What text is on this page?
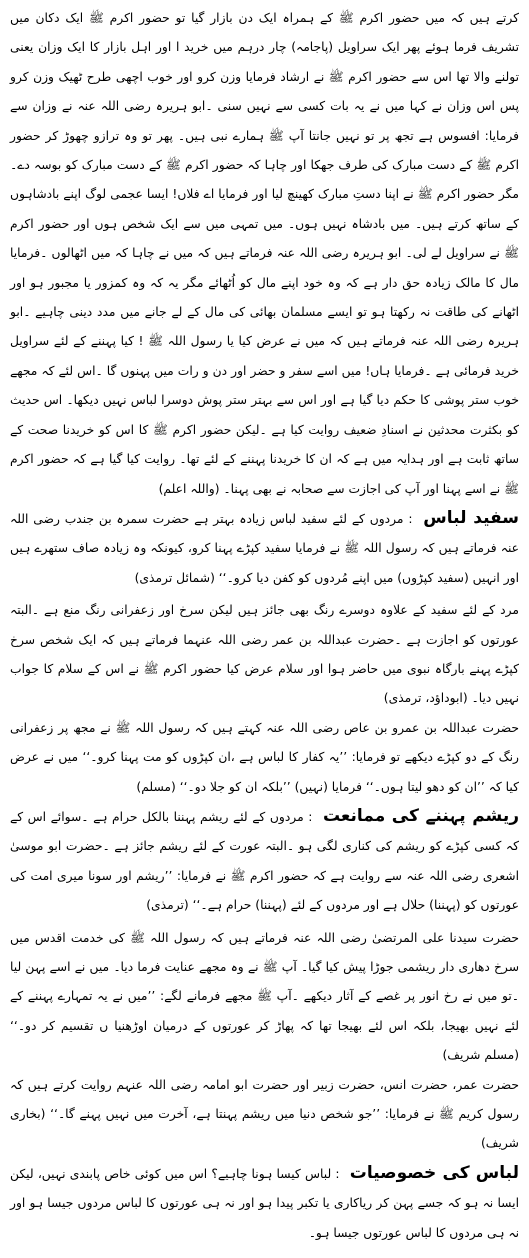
کرتے ہیں کہ میں حضور اکرم ﷺ کے ہمراہ ایک دن بازار گیا تو حضور اکرم ﷺ ایک دکان میں تشریف فرما ہوئے پھر ایک سراویل (پاجامہ) چار درہم میں خرید ا اور اہل بازار کا ایک وزان یعنی تولنے والا تھا اس سے حضور اکرم ﷺ نے ارشاد فرمایا وزن کرو اور خوب اچھی طرح ٹھیک وزن کرو پس اس وزان نے کہا میں نے یہ بات کسی سے نہیں سنی ۔ابو ہریرہ رضی اللہ عنہ نے وزان سے فرمایا: افسوس ہے تجھ پر تو نہیں جانتا آپ ﷺ ہمارے نبی ہیں۔ پھر تو وہ ترازو چھوڑ کر حضور اکرم ﷺ کے دست مبارک کی طرف جھکا اور چاہا کہ حضور اکرم ﷺ کے دست مبارک کو بوسہ دے۔ مگر حضور اکرم ﷺ نے اپنا دستِ مبارک کھینچ لیا اور فرمایا اے فلاں! ایسا عجمی لوگ اپنے بادشاہوں کے ساتھ کرتے ہیں۔ میں بادشاہ نہیں ہوں۔ میں تمہی میں سے ایک شخص ہوں اور حضور اکرم ﷺ نے سراویل لے لی۔ ابو ہریرہ رضی اللہ عنہ فرماتے ہیں کہ میں نے چاہا کہ میں اٹھالوں ۔فرمایا مال کا مالک زیادہ حق دار ہے کہ وہ خود اپنے مال کو اُٹھائے مگر یہ کہ وہ کمزور یا مجبور ہو اور اٹھانے کی طاقت نہ رکھتا ہو تو ایسے مسلمان بھائی کی مال کے لے جانے میں مدد دینی چاہیے ۔ابو ہریرہ رضی اللہ عنہ فرماتے ہیں کہ میں نے عرض کیا یا رسول اللہ ﷺ ! کیا پہننے کے لئے سراویل خرید فرمائی ہے ۔فرمایا ہاں! میں اسے سفر و حضر اور دن و رات میں پہنوں گا ۔اس لئے کہ مجھے خوب ستر پوشی کا حکم دیا گیا ہے اور اس سے بہتر ستر پوش دوسرا لباس نہیں دیکھا۔ اس حدیث کو بکثرت محدثین نے اسنادِ ضعیف روایت کیا ہے ۔لیکن حضور اکرم ﷺ کا اس کو خریدنا صحت کے ساتھ ثابت ہے اور ہدایہ میں ہے کہ ان کا خریدنا پہننے کے لئے تھا۔ روایت کیا گیا ہے کہ حضور اکرم ﷺ نے اسے پہنا اور آپ کی اجازت سے صحابہ نے بھی پہنا۔ (واللہ اعلم)

سفید لباس : مردوں کے لئے سفید لباس زیادہ بہتر ہے حضرت سمرہ بن جندب رضی اللہ عنہ فرماتے ہیں کہ رسول اللہ ﷺ نے فرمایا سفید کپڑے پہنا کرو، کیونکہ وہ زیادہ صاف ستھرے ہیں اور انہیں (سفید کپڑوں) میں اپنے مُردوں کو کفن دیا کرو۔‘‘ (شمائل ترمذی)

مرد کے لئے سفید کے علاوہ دوسرے رنگ بھی جائز ہیں لیکن سرخ اور زعفرانی رنگ منع ہے ۔البتہ عورتوں کو اجازت ہے ۔حضرت عبداللہ بن عمر رضی اللہ عنہما فرماتے ہیں کہ ایک شخص سرخ کپڑے پہنے بارگاہ نبوی میں حاضر ہوا اور سلام عرض کیا حضور اکرم ﷺ نے اس کے سلام کا جواب نہیں دیا۔ (ابوداؤد، ترمذی)

حضرت عبداللہ بن عمرو بن عاص رضی اللہ عنہ کہتے ہیں کہ رسول اللہ ﷺ نے مجھ پر زعفرانی رنگ کے دو کپڑے دیکھے تو فرمایا: ’’یہ کفار کا لباس ہے ،ان کپڑوں کو مت پہنا کرو۔‘‘ میں نے عرض کیا کہ ’’ان کو دھو لیتا ہوں۔‘‘ فرمایا (نہیں) ’’بلکہ ان کو جلا دو۔‘‘ (مسلم)

ریشم پہننے کی ممانعت : مردوں کے لئے ریشم پہننا بالکل حرام ہے ۔سوائے اس کے کہ کسی کپڑے کو ریشم کی کناری لگی ہو ۔البتہ عورت کے لئے ریشم جائز ہے ۔حضرت ابو موسیٰ اشعری رضی اللہ عنہ سے روایت ہے کہ حضور اکرم ﷺ نے فرمایا: ’’ریشم اور سونا میری امت کی عورتوں کو (پہننا) حلال ہے اور مردوں کے لئے (پہننا) حرام ہے۔‘‘ (ترمذی)

حضرت سیدنا علی المرتضیٰ رضی اللہ عنہ فرماتے ہیں کہ رسول اللہ ﷺ کی خدمت اقدس میں سرخ دھاری دار ریشمی جوڑا پیش کیا گیا۔ آپ ﷺ نے وہ مجھے عنایت فرما دیا۔ میں نے اسے پہن لیا ۔تو میں نے رخ انور پر غصے کے آثار دیکھے ۔آپ ﷺ مجھے فرمانے لگے: ’’میں نے یہ تمہارے پہننے کے لئے نہیں بھیجا، بلکہ اس لئے بھیجا تھا کہ پھاڑ کر عورتوں کے درمیان اوڑھنیا ں تقسیم کر دو۔‘‘ (مسلم شریف)

حضرت عمر، حضرت انس، حضرت زبیر اور حضرت ابو امامہ رضی اللہ عنہم روایت کرتے ہیں کہ رسول کریم ﷺ نے فرمایا: ’’جو شخص دنیا میں ریشم پہنتا ہے، آخرت میں نہیں پہنے گا۔‘‘ (بخاری شریف)

لباس کی خصوصیات : لباس کیسا ہونا چاہیے؟ اس میں کوئی خاص پابندی نہیں، لیکن ایسا نہ ہو کہ جسے پہن کر ریاکاری یا تکبر پیدا ہو اور نہ ہی عورتوں کا لباس مردوں جیسا ہو اور نہ ہی مردوں کا لباس عورتوں جیسا ہو۔
